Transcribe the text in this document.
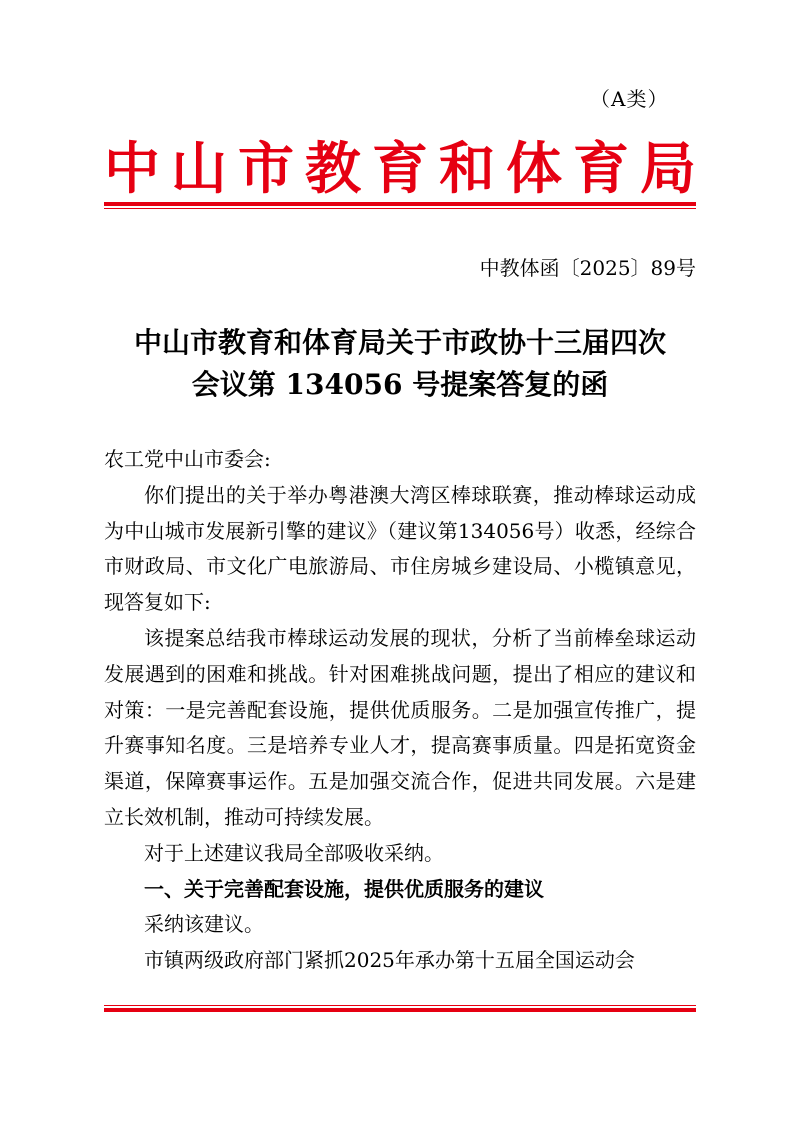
（A类）
中 山 市 教 育 和 体 育 局
中教体函〔2025〕89号
中山市教育和体育局关于市政协十三届四次
会议第 134056 号提案答复的函

农工党中山市委会:

你们提出的关于举办粤港澳大湾区棒球联赛，推动棒球运动成为中山城市发展新引擎的建议》（建议第134056号）收悉，经综合市财政局、市文化广电旅游局、市住房城乡建设局、小榄镇意见，现答复如下:

该提案总结我市棒球运动发展的现状，分析了当前棒垒球运动发展遇到的困难和挑战。针对困难挑战问题，提出了相应的建议和对策：一是完善配套设施，提供优质服务。二是加强宣传推广，提升赛事知名度。三是培养专业人才，提高赛事质量。四是拓宽资金渠道，保障赛事运作。五是加强交流合作，促进共同发展。六是建立长效机制，推动可持续发展。

对于上述建议我局全部吸收采纳。

一、关于完善配套设施，提供优质服务的建议

采纳该建议。

市镇两级政府部门紧抓2025年承办第十五届全国运动会
